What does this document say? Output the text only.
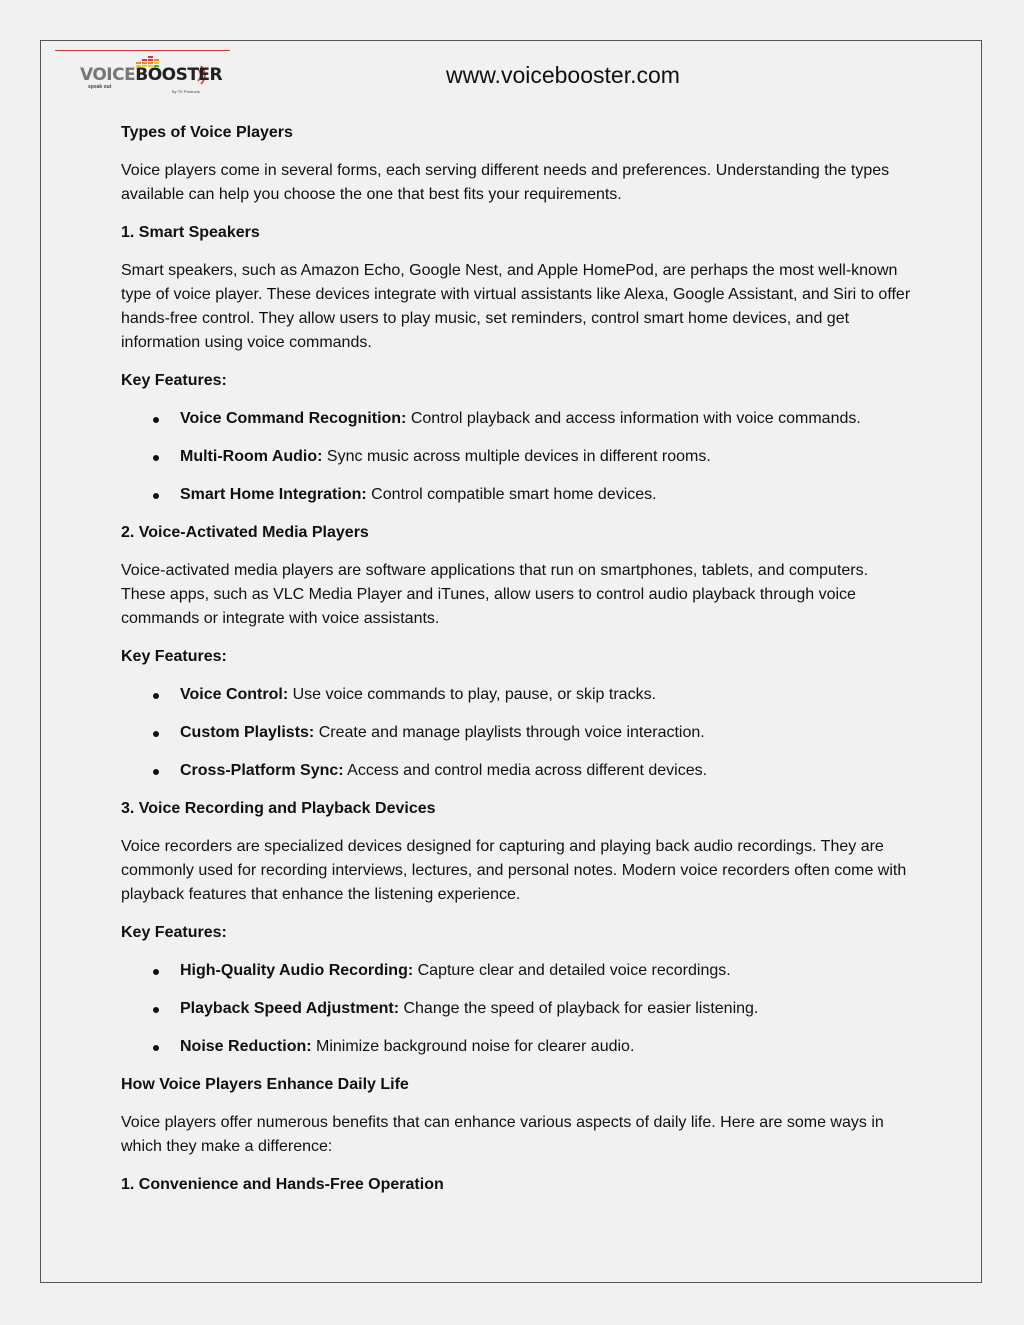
VOICEBOOSTER
speak out
By TK Products
www.voicebooster.com
Types of Voice Players
Voice players come in several forms, each serving different needs and preferences. Understanding the types available can help you choose the one that best fits your requirements.
1. Smart Speakers
Smart speakers, such as Amazon Echo, Google Nest, and Apple HomePod, are perhaps the most well-known type of voice player. These devices integrate with virtual assistants like Alexa, Google Assistant, and Siri to offer hands-free control. They allow users to play music, set reminders, control smart home devices, and get information using voice commands.
Key Features:
Voice Command Recognition: Control playback and access information with voice commands.
Multi-Room Audio: Sync music across multiple devices in different rooms.
Smart Home Integration: Control compatible smart home devices.
2. Voice-Activated Media Players
Voice-activated media players are software applications that run on smartphones, tablets, and computers. These apps, such as VLC Media Player and iTunes, allow users to control audio playback through voice commands or integrate with voice assistants.
Key Features:
Voice Control: Use voice commands to play, pause, or skip tracks.
Custom Playlists: Create and manage playlists through voice interaction.
Cross-Platform Sync: Access and control media across different devices.
3. Voice Recording and Playback Devices
Voice recorders are specialized devices designed for capturing and playing back audio recordings. They are commonly used for recording interviews, lectures, and personal notes. Modern voice recorders often come with playback features that enhance the listening experience.
Key Features:
High-Quality Audio Recording: Capture clear and detailed voice recordings.
Playback Speed Adjustment: Change the speed of playback for easier listening.
Noise Reduction: Minimize background noise for clearer audio.
How Voice Players Enhance Daily Life
Voice players offer numerous benefits that can enhance various aspects of daily life. Here are some ways in which they make a difference:
1. Convenience and Hands-Free Operation
